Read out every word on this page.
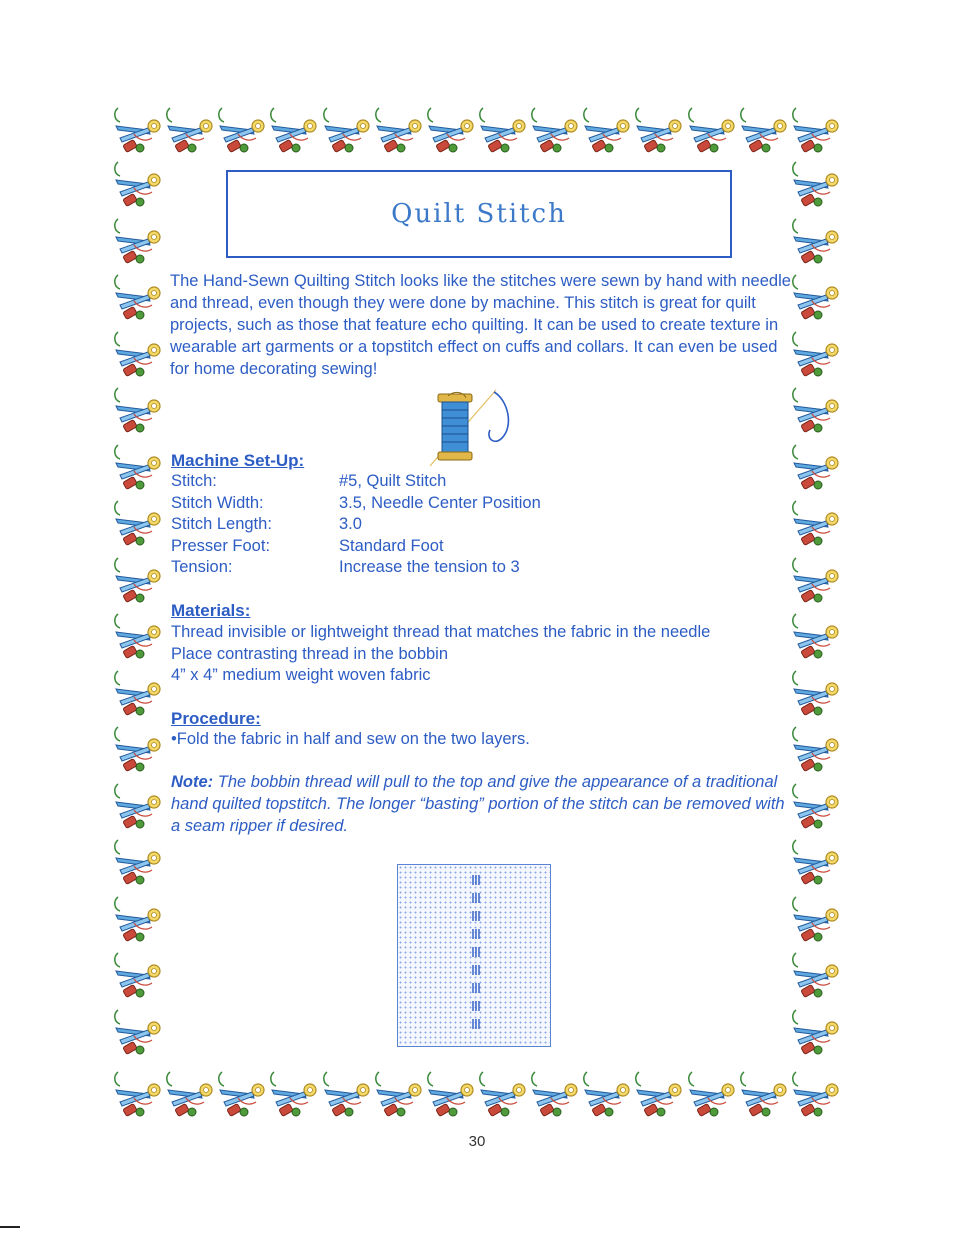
Quilt Stitch

The Hand-Sewn Quilting Stitch looks like the stitches were sewn by hand with needle and thread, even though they were done by machine. This stitch is great for quilt projects, such as those that feature echo quilting. It can be used to create texture in wearable art garments or a topstitch effect on cuffs and collars. It can even be used for home decorating sewing!

Machine Set-Up:
Stitch:	#5, Quilt Stitch
Stitch Width:	3.5, Needle Center Position
Stitch Length:	3.0
Presser Foot:	Standard Foot
Tension:	Increase the tension to 3
Materials:
Thread invisible or lightweight thread that matches the fabric in the needle
Place contrasting thread in the bobbin
4” x 4” medium weight woven fabric
Procedure:
•Fold the fabric in half and sew on the two layers.

Note: The bobbin thread will pull to the top and give the appearance of a traditional hand quilted topstitch. The longer “basting” portion of the stitch can be removed with a seam ripper if desired.

30
